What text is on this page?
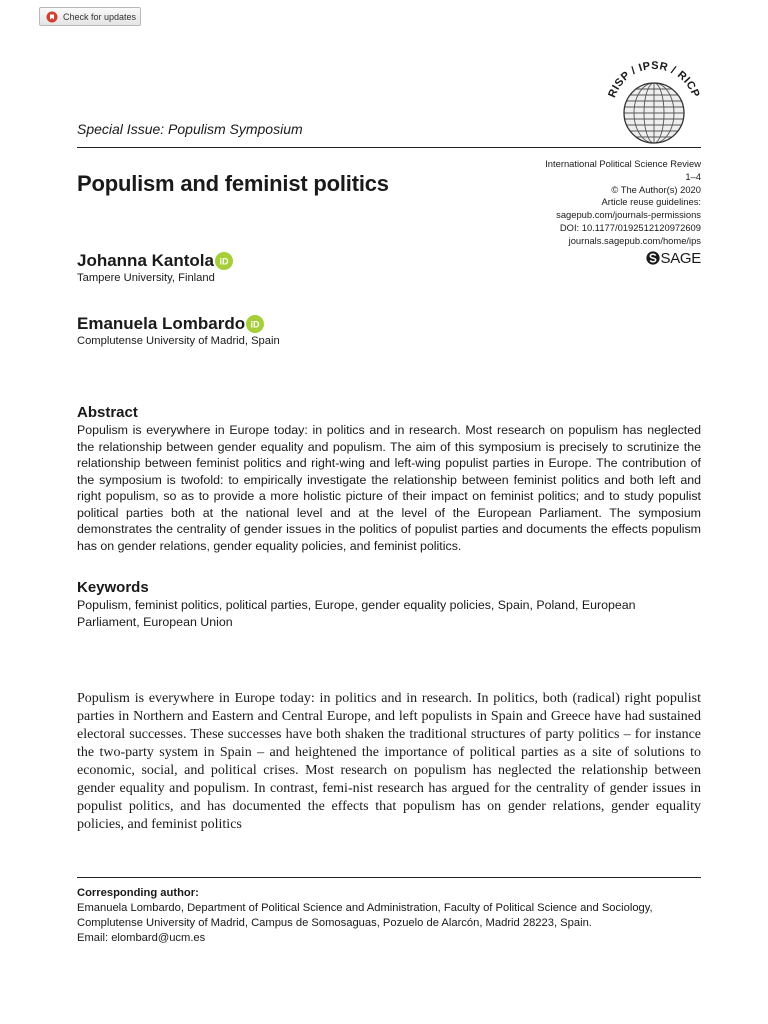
Check for updates
RISP / IPSR / RICP
Special Issue: Populism Symposium
Populism and feminist politics
International Political Science Review
1–4
© The Author(s) 2020
Article reuse guidelines:
sagepub.com/journals-permissions
DOI: 10.1177/0192512120972609
journals.sagepub.com/home/ips
SAGE
Johanna Kantola iD
Tampere University, Finland
Emanuela Lombardo iD
Complutense University of Madrid, Spain
Abstract

Populism is everywhere in Europe today: in politics and in research. Most research on populism has neglected the relationship between gender equality and populism. The aim of this symposium is precisely to scrutinize the relationship between feminist politics and right-wing and left-wing populist parties in Europe. The contribution of the symposium is twofold: to empirically investigate the relationship between feminist politics and both left and right populism, so as to provide a more holistic picture of their impact on feminist politics; and to study populist political parties both at the national level and at the level of the European Parliament. The symposium demonstrates the centrality of gender issues in the politics of populist parties and documents the effects populism has on gender relations, gender equality policies, and feminist politics.

Keywords

Populism, feminist politics, political parties, Europe, gender equality policies, Spain, Poland, European Parliament, European Union

Populism is everywhere in Europe today: in politics and in research. In politics, both (radical) right populist parties in Northern and Eastern and Central Europe, and left populists in Spain and Greece have had sustained electoral successes. These successes have both shaken the traditional structures of party politics – for instance the two-party system in Spain – and heightened the importance of political parties as a site of solutions to economic, social, and political crises. Most research on populism has neglected the relationship between gender equality and populism. In contrast, femi-nist research has argued for the centrality of gender issues in populist politics, and has documented the effects that populism has on gender relations, gender equality policies, and feminist politics

Corresponding author:
Emanuela Lombardo, Department of Political Science and Administration, Faculty of Political Science and Sociology,
Complutense University of Madrid, Campus de Somosaguas, Pozuelo de Alarcón, Madrid 28223, Spain.
Email: elombard@ucm.es
